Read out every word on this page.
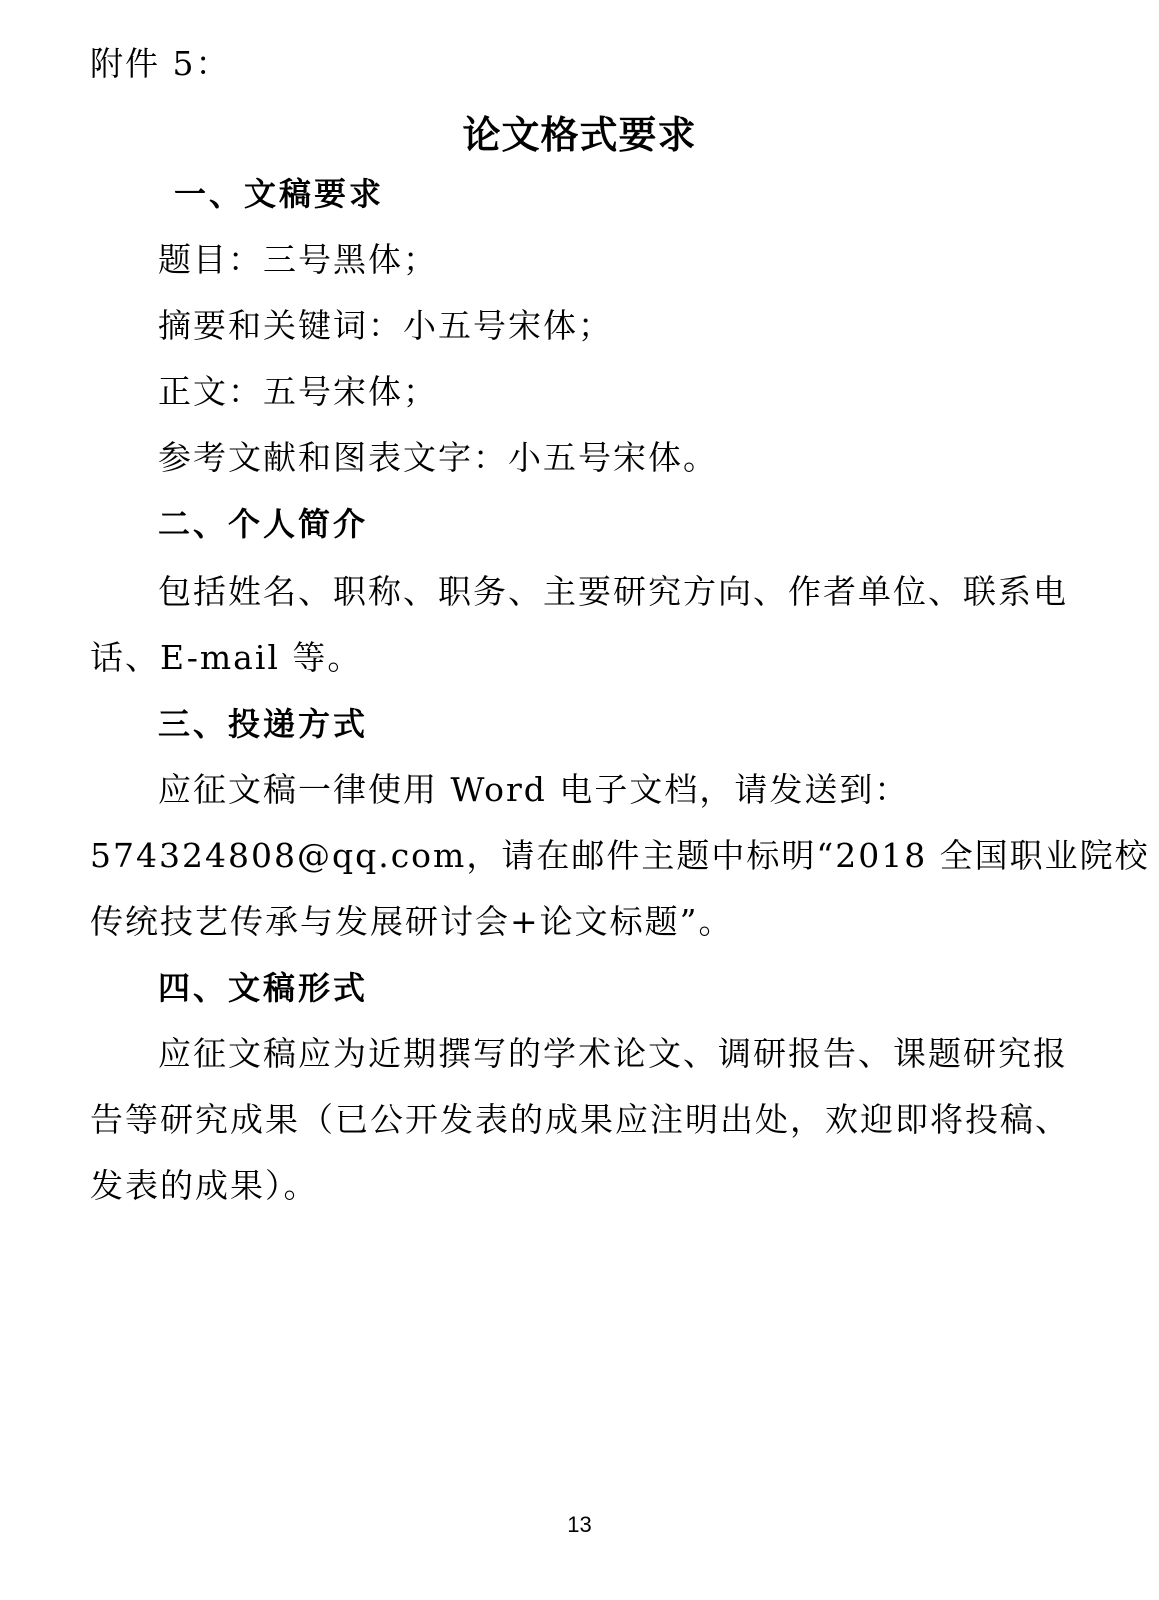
附件 5：
论文格式要求
一、文稿要求
题目：三号黑体；
摘要和关键词：小五号宋体；
正文：五号宋体；
参考文献和图表文字：小五号宋体。
二、个人简介
包括姓名、职称、职务、主要研究方向、作者单位、联系电
话、E-mail 等。
三、投递方式
应征文稿一律使用 Word 电子文档，请发送到：
574324808@qq.com，请在邮件主题中标明“2018 全国职业院校
传统技艺传承与发展研讨会+论文标题”。
四、文稿形式
应征文稿应为近期撰写的学术论文、调研报告、课题研究报
告等研究成果（已公开发表的成果应注明出处，欢迎即将投稿、
发表的成果）。
13
